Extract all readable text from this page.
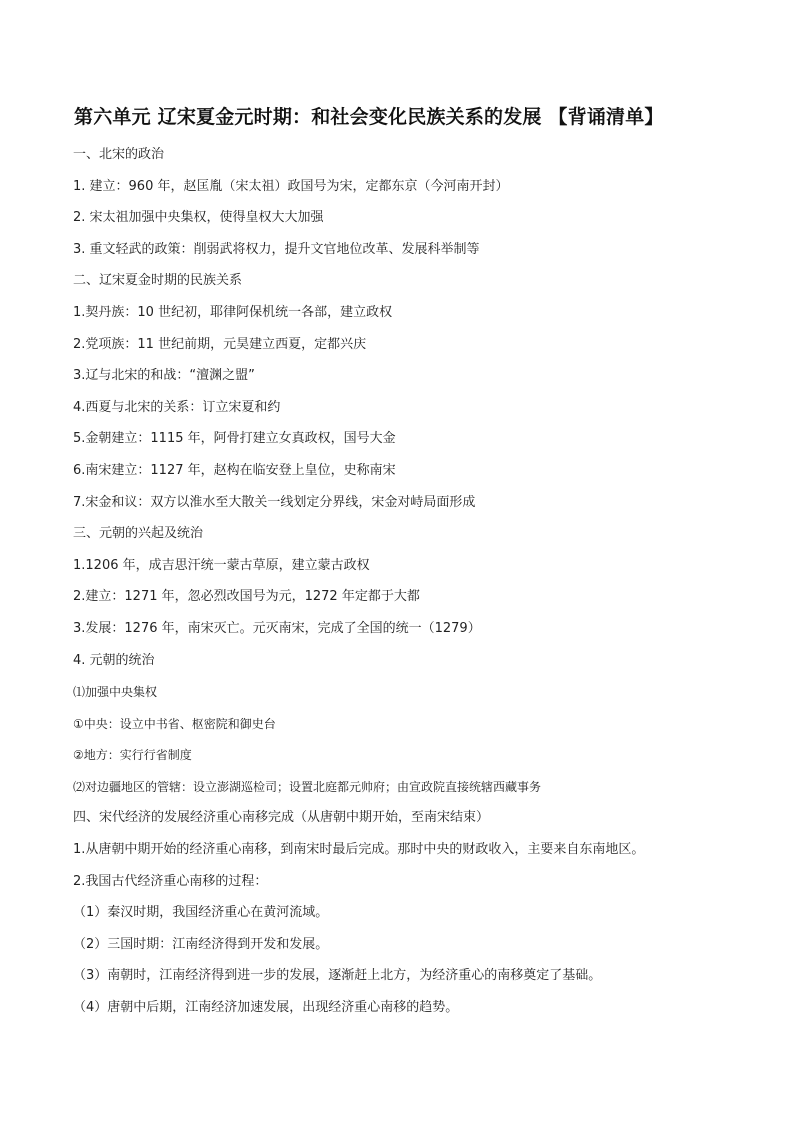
第六单元 辽宋夏金元时期：和社会变化民族关系的发展 【背诵清单】
一、北宋的政治
1. 建立：960 年，赵匡胤（宋太祖）政国号为宋，定都东京（今河南开封）
2. 宋太祖加强中央集权，使得皇权大大加强
3. 重文轻武的政策：削弱武将权力，提升文官地位改革、发展科举制等
二、辽宋夏金时期的民族关系
1.契丹族：10 世纪初，耶律阿保机统一各部，建立政权
2.党项族：11 世纪前期，元昊建立西夏，定都兴庆
3.辽与北宋的和战：“澶渊之盟”
4.西夏与北宋的关系：订立宋夏和约
5.金朝建立：1115 年，阿骨打建立女真政权，国号大金
6.南宋建立：1127 年，赵构在临安登上皇位，史称南宋
7.宋金和议：双方以淮水至大散关一线划定分界线，宋金对峙局面形成
三、元朝的兴起及统治
1.1206 年，成吉思汗统一蒙古草原，建立蒙古政权
2.建立：1271 年，忽必烈改国号为元，1272 年定都于大都
3.发展：1276 年，南宋灭亡。元灭南宋，完成了全国的统一（1279）
4. 元朝的统治
⑴加强中央集权
①中央：设立中书省、枢密院和御史台
②地方：实行行省制度
⑵对边疆地区的管辖：设立澎湖巡检司；设置北庭都元帅府；由宣政院直接统辖西藏事务
四、宋代经济的发展经济重心南移完成（从唐朝中期开始，至南宋结束）
1.从唐朝中期开始的经济重心南移，到南宋时最后完成。那时中央的财政收入，主要来自东南地区。
2.我国古代经济重心南移的过程：
（1）秦汉时期，我国经济重心在黄河流域。
（2）三国时期：江南经济得到开发和发展。
（3）南朝时，江南经济得到进一步的发展，逐渐赶上北方，为经济重心的南移奠定了基础。
（4）唐朝中后期，江南经济加速发展，出现经济重心南移的趋势。
